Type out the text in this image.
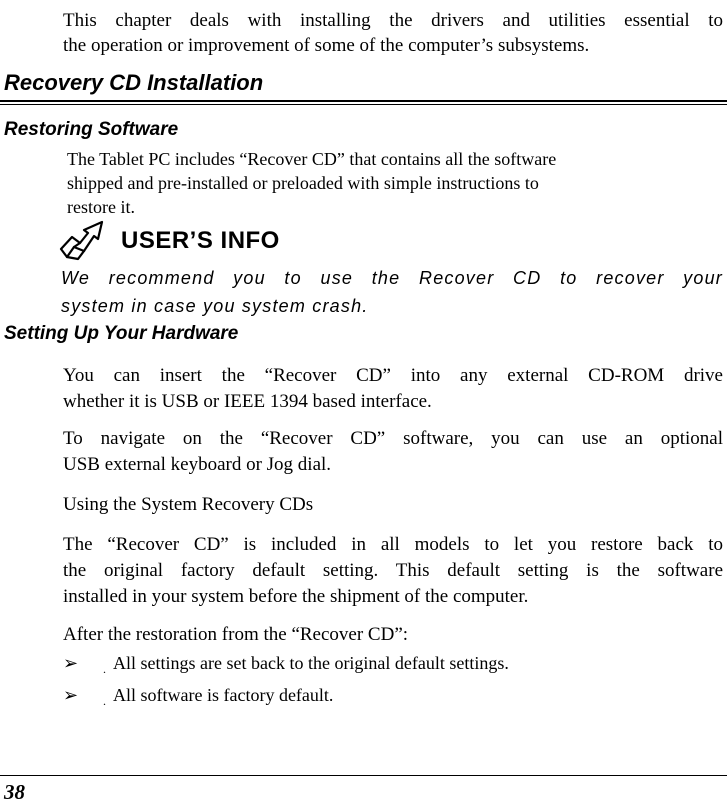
This chapter deals with installing the drivers and utilities essential to
the operation or improvement of some of the computer’s subsystems.
Recovery CD Installation
Restoring Software
The Tablet PC includes “Recover CD” that contains all the software
shipped and pre-installed or preloaded with simple instructions to
restore it.
USER’S INFO
We recommend you to use the Recover CD to recover your
system in case you system crash.
Setting Up Your Hardware
You can insert the “Recover CD” into any external CD-ROM drive
whether it is USB or IEEE 1394 based interface.
To navigate on the “Recover CD” software, you can use an optional
USB external keyboard or Jog dial.
Using the System Recovery CDs
The “Recover CD” is included in all models to let you restore back to
the original factory default setting. This default setting is the software
installed in your system before the shipment of the computer.
After the restoration from the “Recover CD”:
➢ . All settings are set back to the original default settings.
➢ . All software is factory default.
38
